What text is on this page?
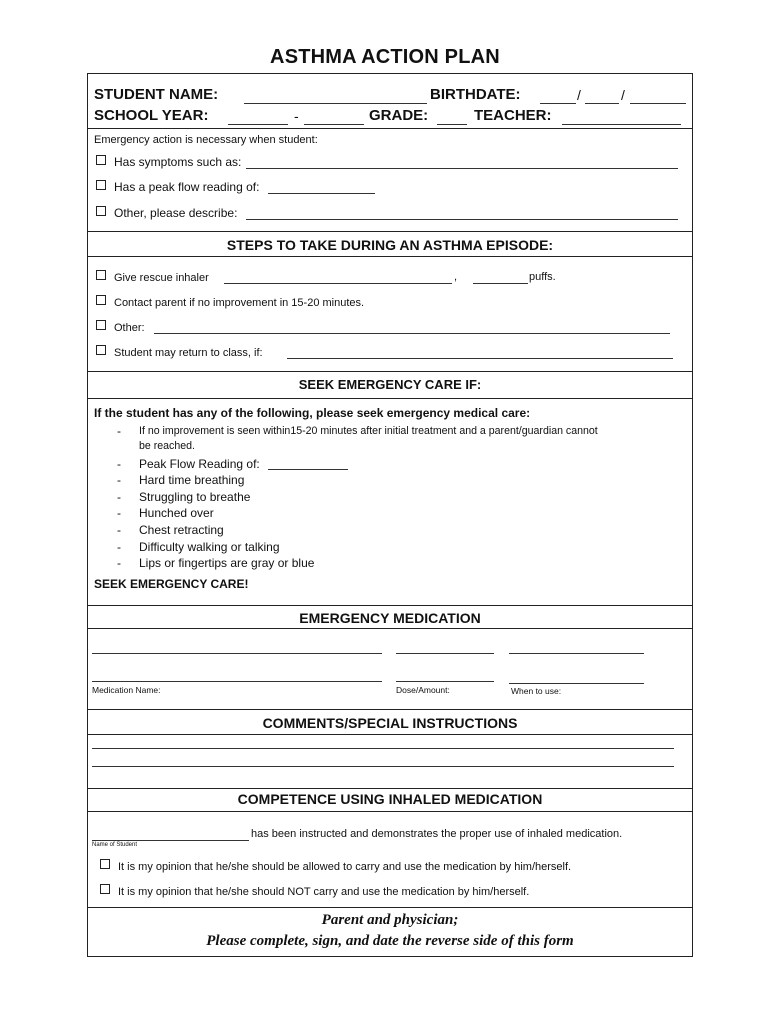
ASTHMA ACTION PLAN
STUDENT NAME:	BIRTHDATE:	/	/
SCHOOL YEAR:	-	GRADE:	TEACHER:
Emergency action is necessary when student:
Has symptoms such as:
Has a peak flow reading of:
Other, please describe:
STEPS TO TAKE DURING AN ASTHMA EPISODE:
Give rescue inhaler	,	puffs.
Contact parent if no improvement in 15-20 minutes.
Other:
Student may return to class, if:
SEEK EMERGENCY CARE IF:
If the student has any of the following, please seek emergency medical care:
- If no improvement is seen within15-20 minutes after initial treatment and a parent/guardian cannot
be reached.
- Peak Flow Reading of:
- Hard time breathing
- Struggling to breathe
- Hunched over
- Chest retracting
- Difficulty walking or talking
- Lips or fingertips are gray or blue
SEEK EMERGENCY CARE!
EMERGENCY MEDICATION
Medication Name:	Dose/Amount:	When to use:
COMMENTS/SPECIAL INSTRUCTIONS
COMPETENCE USING INHALED MEDICATION
has been instructed and demonstrates the proper use of inhaled medication.
Name of Student
It is my opinion that he/she should be allowed to carry and use the medication by him/herself.
It is my opinion that he/she should NOT carry and use the medication by him/herself.
Parent and physician;
Please complete, sign, and date the reverse side of this form
